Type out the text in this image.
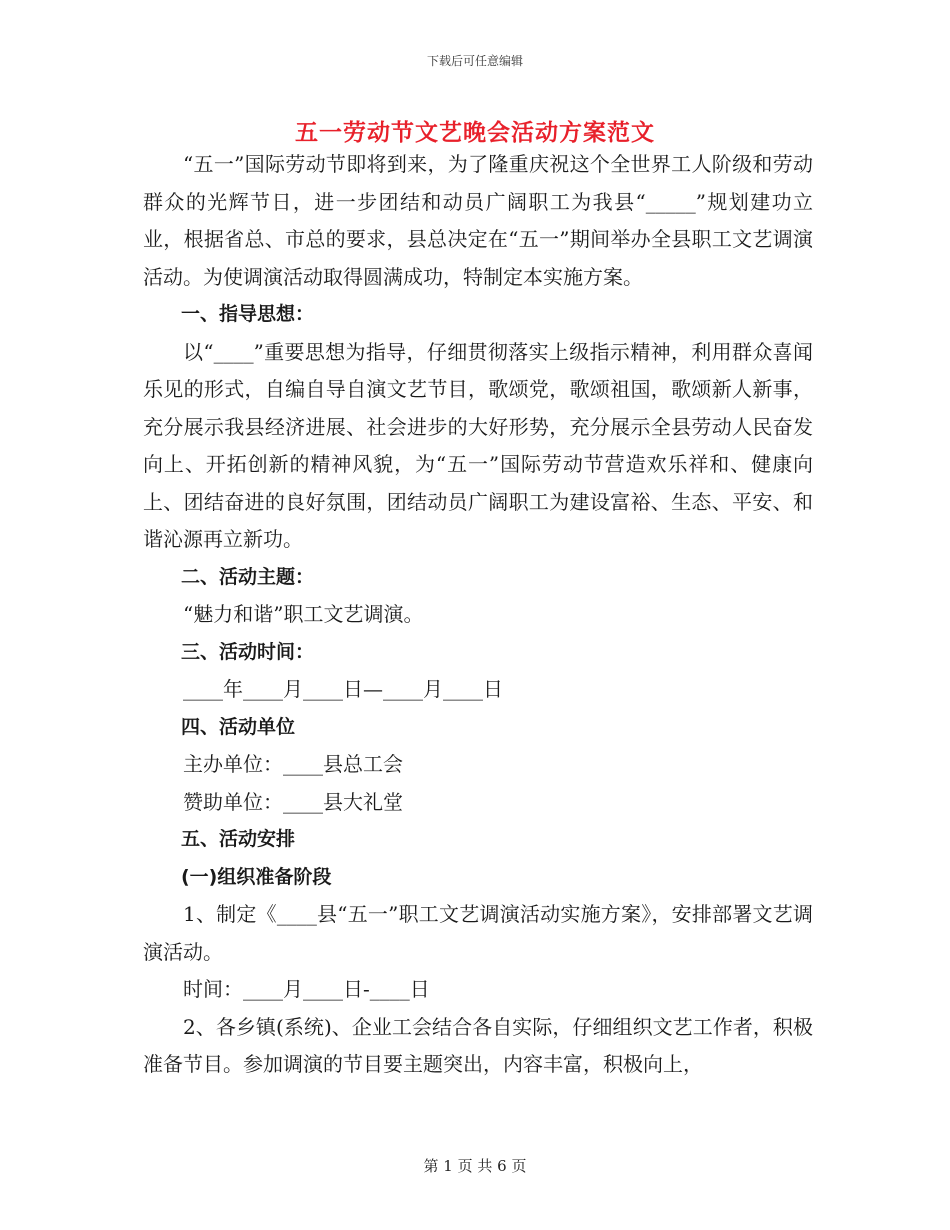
下载后可任意编辑
五一劳动节文艺晚会活动方案范文

“五一”国际劳动节即将到来，为了隆重庆祝这个全世界工人阶级和劳动群众的光辉节日，进一步团结和动员广阔职工为我县“_____”规划建功立业，根据省总、市总的要求，县总决定在“五一”期间举办全县职工文艺调演活动。为使调演活动取得圆满成功，特制定本实施方案。

一、指导思想：

以“____”重要思想为指导，仔细贯彻落实上级指示精神，利用群众喜闻乐见的形式，自编自导自演文艺节目，歌颂党，歌颂祖国，歌颂新人新事，充分展示我县经济进展、社会进步的大好形势，充分展示全县劳动人民奋发向上、开拓创新的精神风貌，为“五一”国际劳动节营造欢乐祥和、健康向上、团结奋进的良好氛围，团结动员广阔职工为建设富裕、生态、平安、和谐沁源再立新功。

二、活动主题：

“魅力和谐”职工文艺调演。

三、活动时间：

____年____月____日—____月____日

四、活动单位

主办单位：____县总工会

赞助单位：____县大礼堂

五、活动安排

(一)组织准备阶段

1、制定《____县“五一”职工文艺调演活动实施方案》，安排部署文艺调演活动。

时间：____月____日-____日

2、各乡镇(系统)、企业工会结合各自实际，仔细组织文艺工作者，积极准备节目。参加调演的节目要主题突出，内容丰富，积极向上，

第 1 页 共 6 页
